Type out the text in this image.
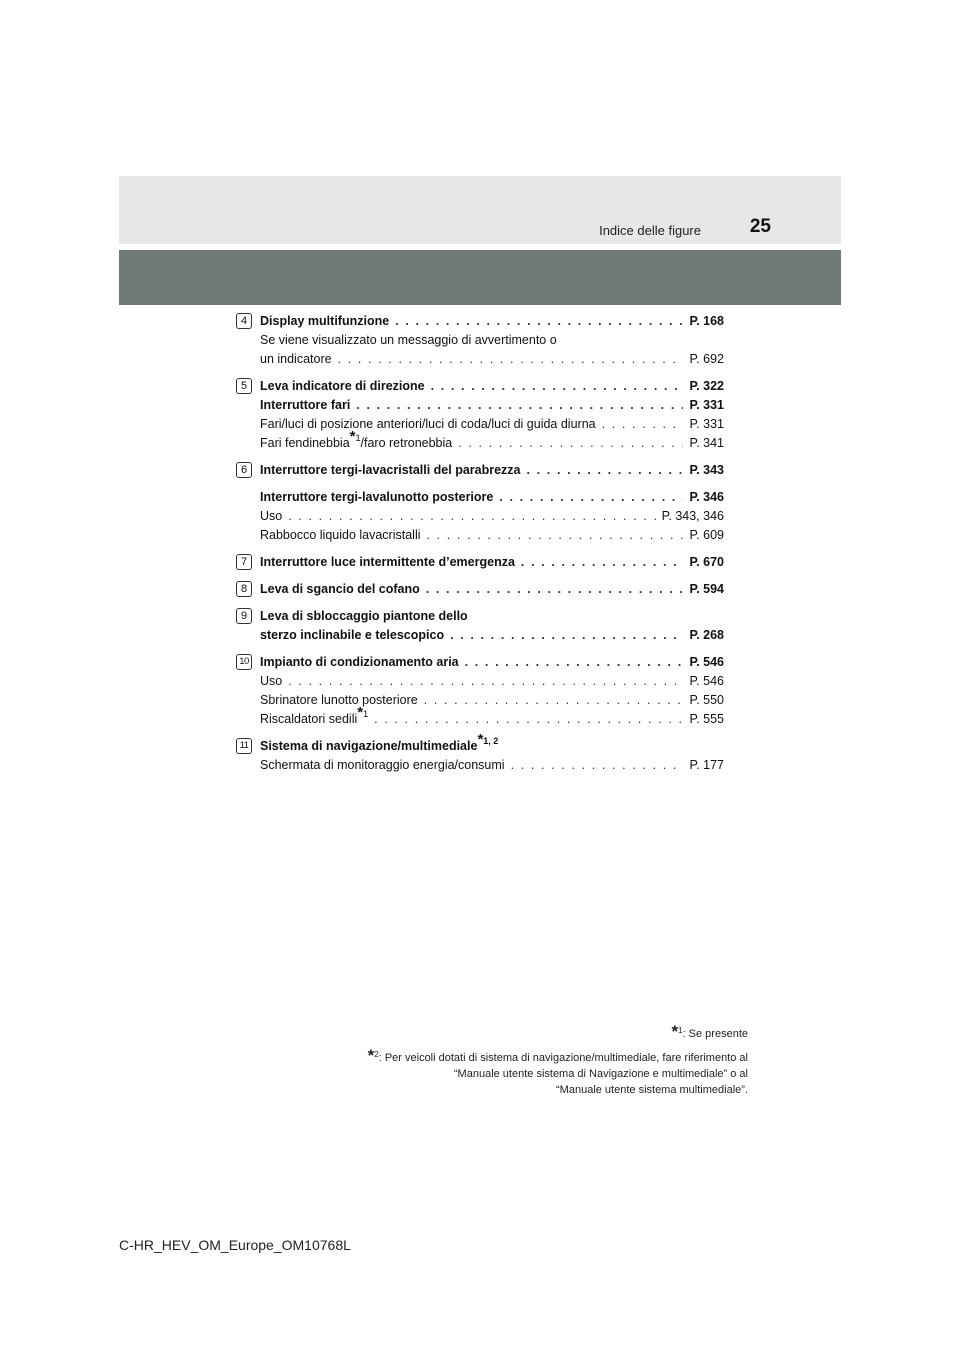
Indice delle figure	25
4	Display multifunzione . . .	P. 168
Se viene visualizzato un messaggio di avvertimento o
un indicatore . . .	P. 692
5	Leva indicatore di direzione . . .	P. 322
Interruttore fari . . .	P. 331
Fari/luci di posizione anteriori/luci di coda/luci di guida diurna . . .	P. 331
Fari fendinebbia$^{*1}$/faro retronebbia . . .	P. 341
6	Interruttore tergi-lavacristalli del parabrezza . . .	P. 343
Interruttore tergi-lavalunotto posteriore . . .	P. 346
Uso . . .	P. 343, 346
Rabbocco liquido lavacristalli . . .	P. 609
7	Interruttore luce intermittente d’emergenza . . .	P. 670
8	Leva di sgancio del cofano . . .	P. 594
9	Leva di sbloccaggio piantone dello
sterzo inclinabile e telescopico . . .	P. 268
10 Impianto di condizionamento aria . . .	P. 546
Uso . . .	P. 546
Sbrinatore lunotto posteriore . . .	P. 550
Riscaldatori sedili$^{*1}$ . . .	P. 555
11 Sistema di navigazione/multimediale$^{*1, 2}$
Schermata di monitoraggio energia/consumi . . .	P. 177
*$^1$: Se presente
*$^2$: Per veicoli dotati di sistema di navigazione/multimediale, fare riferimento al
“Manuale utente sistema di Navigazione e multimediale” o al
“Manuale utente sistema multimediale”.
C-HR_HEV_OM_Europe_OM10768L
